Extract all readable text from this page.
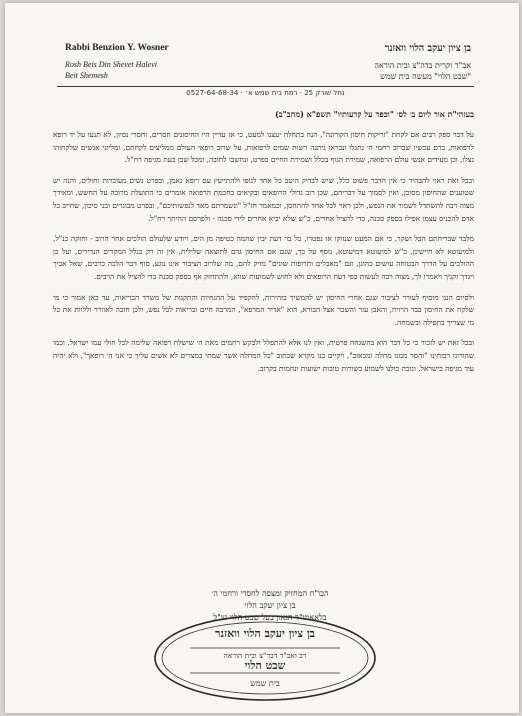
Rabbi Benzion Y. Wosner
Rosh Beis Din Shevet Halevi
Beit Shemesh
בן ציון יעקב הלוי וואזנר
אב"ד וקרית בדה"צ ובית הוראה
"שבט הלוי" מעשה בית שמש
נחל שורק 25 · רמת בית שמש א׳ · 0527-64-68-34
בעזהי"ת אור ליום ב׳ לס׳ "וכפר על קרעותיו" תשפ"א (מחב"ב)

על דבר ספק רבים אם לקחת "זריקות חיסון הקורונה", הנה בתחלה יעצנו למעט, כי אז עדיין היו החיסונים חסרים, וחסרי נסיון, לא תנעו על יד רופא לרפואות, ברם עכשיו שברוב רחמי ה׳ נתגלו ונבראו ניתנה רשות שמים לרפואות, על שרוב רופאי העולם ממליצים לקחתם, ומליוני אנשים שלקחוהו נצלו, וכן מעידים אנשי עולם הרפואה, שמירת הגוף בכלל ושמירת החיים בפרט, ונחשבו לחובה, ומכל שכן בעת מגיפה רח"ל.

ובכל זאת ראוי להבהיר כי אין הדבר פשוט כלל, שיש לבדוק היטב כל אחד לגופו ולהתייעץ עם רופא נאמן, ובפרט נשים מעוברות וחולים, והנה יש שטוענים שהחיסון מסוכן, ואין לסמוך על דבריהם, שכן רוב גדולי הרופאים ובקיאים בחכמת הרפואה אומרים כי התועלת מרובה על החשש, ומאידך מצוה רבה להשתדל לשמור את הנפש, ולכן ראוי לכל אחד להתחסן, וכמאמר חז"ל "ונשמרתם מאד לנפשותיכם", ובפרט מבוגרים ובני סיכון, שחייב כל אדם להכניס עצמו אפילו בספק סכנה, כדי להציל אחרים, כ"ש שלא יביא אחרים לידי סכנה - ולפרסם ההיתר רח"ל.

מלבד שבריחתם הבל ושקר, כי אם המעט שנזוקו או נפטרו, כל בר דעת יבין שהמה כטיפה מן הים, ויודע שלעולם הולכים אחר הרוב - וחזקה כנ"ל, ולמיעוטא לא חיישינן, כ"ש למיעוטא דמיעוטא, נוסף על כך, שגם אם החיסון גרם לתוצאה שלילית, אין זה רק בגלל המקרים הנדירים, ועל כן ההולכים על הדרך הבטוחה עושים כהוגן, וגם "מאכלים ותרופות שונים" מזיק להם, מה שלרוב הציבור אינו נוגע, סוף דבר הלכה כרבים, שאל אביך ויגדך זקניך ויאמרו לך, מצוה רבה לעשות כפי דעת הרופאים ולא לחוש לשמועות שווא, ולהתחזק אף בספק סכנה כדי להציל את הרבים.

ולסיום הנני מוסיף לעורר לציבור שגם אחרי החיסון יש להמשיך בזהירות, להקפיד על ההנחיות והתקנות של משרד הבריאות, עד כאן אמור כי מי שלקח את החיסון כבר הרויח, והאבן עזר והשכר אצל הבורא, הוא "אדיר המרפא", המרבה חיים ובריאות לכל נפש, ולכן חובה לאוורר וללוות את כל מי שצריך בתפילה ובשמחה.

ובכל זאת יש לזכור כי כל דבר הוא בהשגחה פרטית, ואין לנו אלא להתפלל ולבקש רחמים מאת ה׳ שישלח רפואה שלימה לכל חולי עמו ישראל, וכמו שהורונו רבותינו "והסר ממנו מחלה ומכאוב", ויקיים בנו מקרא שכתוב "כל המחלה אשר שמתי במצרים לא אשים עליך כי אני ה׳ רופאך", ולא יהיה עוד מגיפה בישראל, ונזכה כולנו לשמוע בשורות טובות ישועות ונחמות בקרוב.

הכו"ח המחזיק ומצפה לחסדי ורחמי ה׳
בן ציון יעקב הלוי
בלאאמו"ר הגאון בעל שבט הלוי זצ"ל
בן ציון יעקב הלוי וואזנר
רב ואב"ד דבד"צ ובית הוראה
שבט הלוי
בית שמש
